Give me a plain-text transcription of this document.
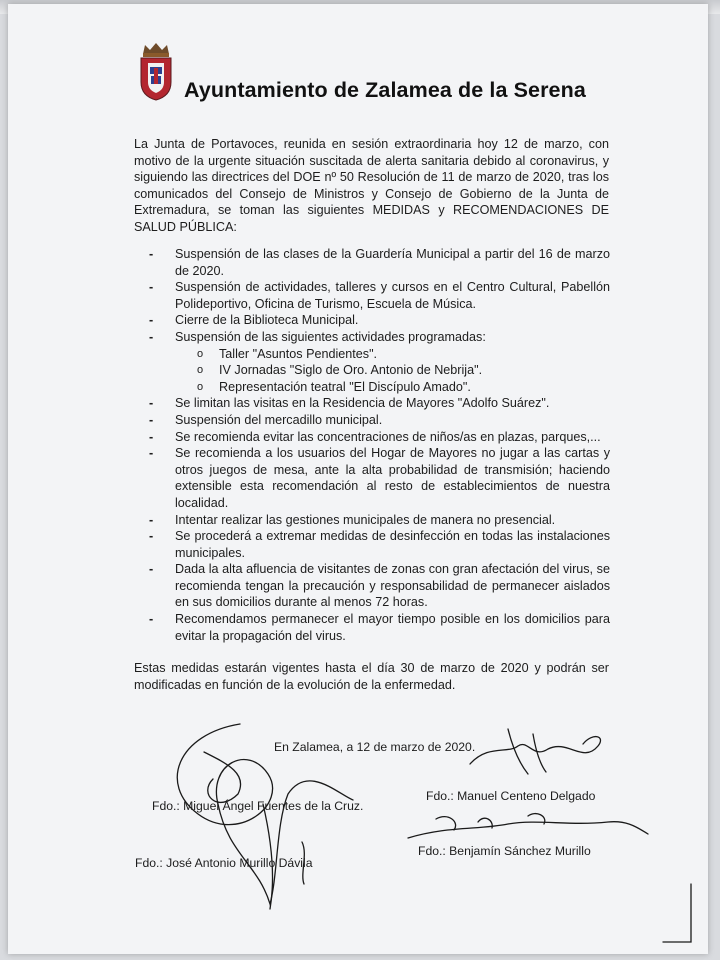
Ayuntamiento de Zalamea de la Serena
La Junta de Portavoces, reunida en sesión extraordinaria hoy 12 de marzo, con motivo de la urgente situación suscitada de alerta sanitaria debido al coronavirus, y siguiendo las directrices del DOE nº 50 Resolución de 11 de marzo de 2020, tras los comunicados del Consejo de Ministros y Consejo de Gobierno de la Junta de Extremadura, se toman las siguientes MEDIDAS y RECOMENDACIONES DE SALUD PÚBLICA:
- Suspensión de las clases de la Guardería Municipal a partir del 16 de marzo de 2020.
- Suspensión de actividades, talleres y cursos en el Centro Cultural, Pabellón Polideportivo, Oficina de Turismo, Escuela de Música.
- Cierre de la Biblioteca Municipal.
- Suspensión de las siguientes actividades programadas:
o Taller "Asuntos Pendientes".
o IV Jornadas "Siglo de Oro. Antonio de Nebrija".
o Representación teatral "El Discípulo Amado".
- Se limitan las visitas en la Residencia de Mayores "Adolfo Suárez".
- Suspensión del mercadillo municipal.
- Se recomienda evitar las concentraciones de niños/as en plazas, parques,...
- Se recomienda a los usuarios del Hogar de Mayores no jugar a las cartas y otros juegos de mesa, ante la alta probabilidad de transmisión; haciendo extensible esta recomendación al resto de establecimientos de nuestra localidad.
- Intentar realizar las gestiones municipales de manera no presencial.
- Se procederá a extremar medidas de desinfección en todas las instalaciones municipales.
- Dada la alta afluencia de visitantes de zonas con gran afectación del virus, se recomienda tengan la precaución y responsabilidad de permanecer aislados en sus domicilios durante al menos 72 horas.
- Recomendamos permanecer el mayor tiempo posible en los domicilios para evitar la propagación del virus.
Estas medidas estarán vigentes hasta el día 30 de marzo de 2020 y podrán ser modificadas en función de la evolución de la enfermedad.
En Zalamea, a 12 de marzo de 2020.
Fdo.: Miguel Ángel Fuentes de la Cruz.
Fdo.: Manuel Centeno Delgado
Fdo.: José Antonio Murillo Dávila
Fdo.: Benjamín Sánchez Murillo
